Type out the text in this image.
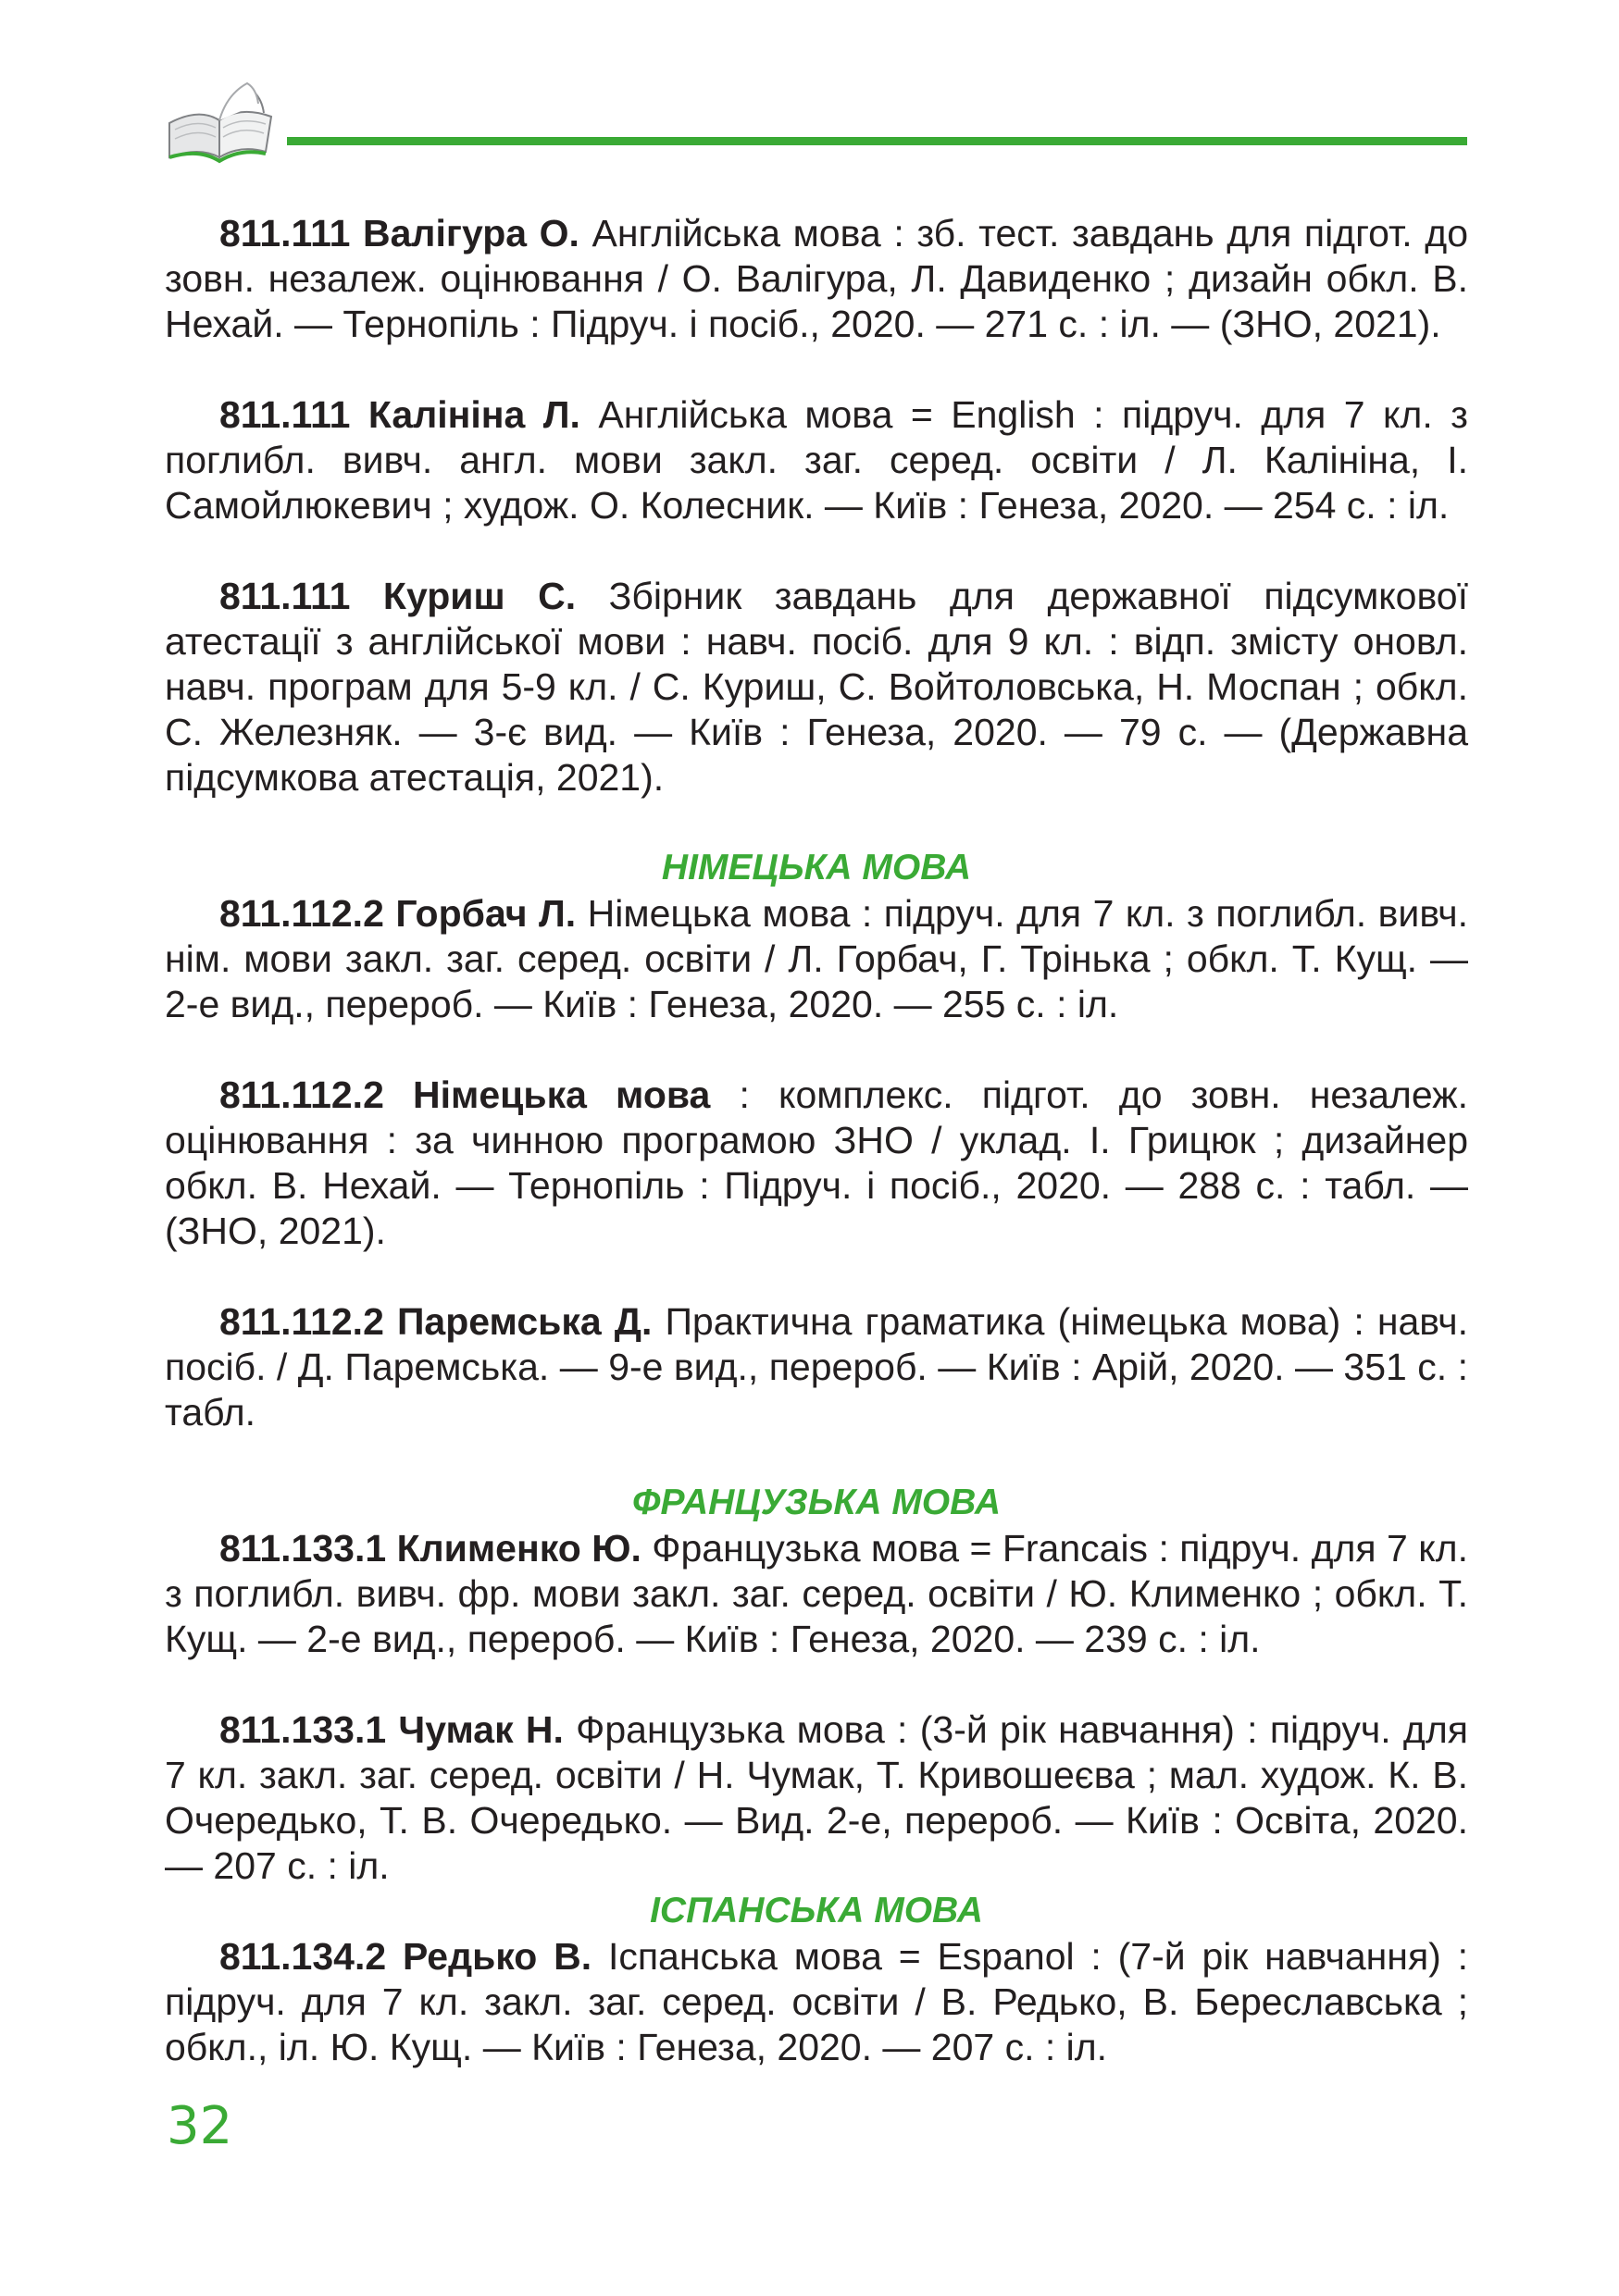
811.111 Валігура О. Англійська мова : зб. тест. завдань для підгот. до зовн. незалеж. оцінювання / О. Валігура, Л. Давиденко ; дизайн обкл. В. Нехай. — Тернопіль : Підруч. і посіб., 2020. — 271 с. : іл. — (ЗНО, 2021).

811.111 Калініна Л. Англійська мова = English : підруч. для 7 кл. з поглибл. вивч. англ. мови закл. заг. серед. освіти / Л. Калініна, І. Самойлюкевич ; худож. О. Колесник. — Київ : Генеза, 2020. — 254 с. : іл.

811.111 Куриш С. Збірник завдань для державної підсумкової атестації з англійської мови : навч. посіб. для 9 кл. : відп. змісту оновл. навч. програм для 5-9 кл. / С. Куриш, С. Войтоловська, Н. Моспан ; обкл. С. Железняк. — 3-є вид. — Київ : Генеза, 2020. — 79 с. — (Державна підсумкова атестація, 2021).

НІМЕЦЬКА МОВА

811.112.2 Горбач Л. Німецька мова : підруч. для 7 кл. з поглибл. вивч. нім. мови закл. заг. серед. освіти / Л. Горбач, Г. Трінька ; обкл. Т. Кущ. — 2-е вид., перероб. — Київ : Генеза, 2020. — 255 с. : іл.

811.112.2 Німецька мова : комплекс. підгот. до зовн. незалеж. оцінювання : за чинною програмою ЗНО / уклад. І. Грицюк ; дизайнер обкл. В. Нехай. — Тернопіль : Підруч. і посіб., 2020. — 288 с. : табл. — (ЗНО, 2021).

811.112.2 Паремська Д. Практична граматика (німецька мова) : навч. посіб. / Д. Паремська. — 9-е вид., перероб. — Київ : Арій, 2020. — 351 с. : табл.

ФРАНЦУЗЬКА МОВА

811.133.1 Клименко Ю. Французька мова = Francais : підруч. для 7 кл. з поглибл. вивч. фр. мови закл. заг. серед. освіти / Ю. Клименко ; обкл. Т. Кущ. — 2-е вид., перероб. — Київ : Генеза, 2020. — 239 с. : іл.

811.133.1 Чумак Н. Французька мова : (3-й рік навчання) : підруч. для 7 кл. закл. заг. серед. освіти / Н. Чумак, Т. Кривошеєва ; мал. худож. К. В. Очередько, Т. В. Очередько. — Вид. 2-е, перероб. — Київ : Освіта, 2020. — 207 с. : іл.

ІСПАНСЬКА МОВА

811.134.2 Редько В. Іспанська мова = Espanol : (7-й рік навчання) : підруч. для 7 кл. закл. заг. серед. освіти / В. Редько, В. Береславська ; обкл., іл. Ю. Кущ. — Київ : Генеза, 2020. — 207 с. : іл.

32
